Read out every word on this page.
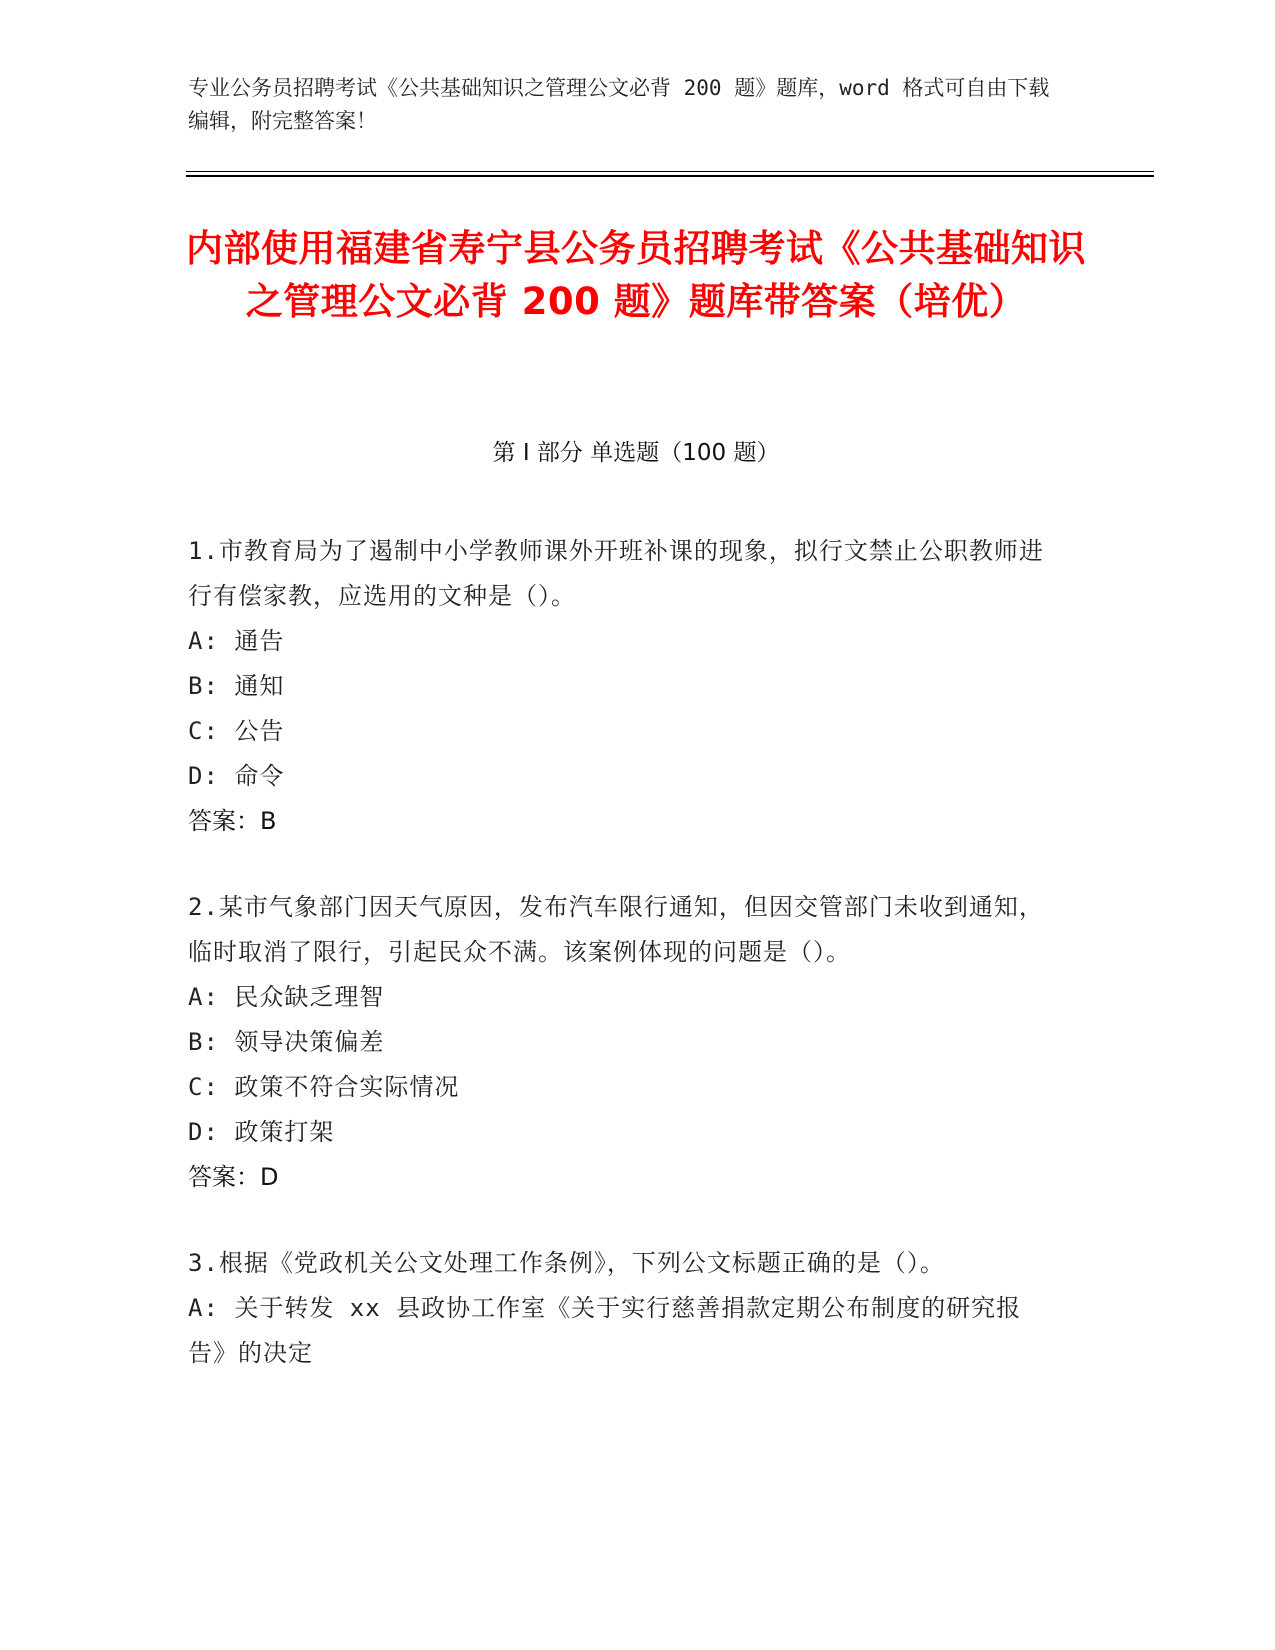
专业公务员招聘考试《公共基础知识之管理公文必背 200 题》题库，word 格式可自由下载编辑，附完整答案！
内部使用福建省寿宁县公务员招聘考试《公共基础知识之管理公文必背 200 题》题库带答案（培优）
第 I 部分 单选题（100 题）

1.市教育局为了遏制中小学教师课外开班补课的现象，拟行文禁止公职教师进行有偿家教，应选用的文种是（）。

A: 通告

B: 通知

C: 公告

D: 命令

答案：B

2.某市气象部门因天气原因，发布汽车限行通知，但因交管部门未收到通知，临时取消了限行，引起民众不满。该案例体现的问题是（）。

A: 民众缺乏理智

B: 领导决策偏差

C: 政策不符合实际情况

D: 政策打架

答案：D

3.根据《党政机关公文处理工作条例》，下列公文标题正确的是（）。

A: 关于转发 xx 县政协工作室《关于实行慈善捐款定期公布制度的研究报告》的决定
